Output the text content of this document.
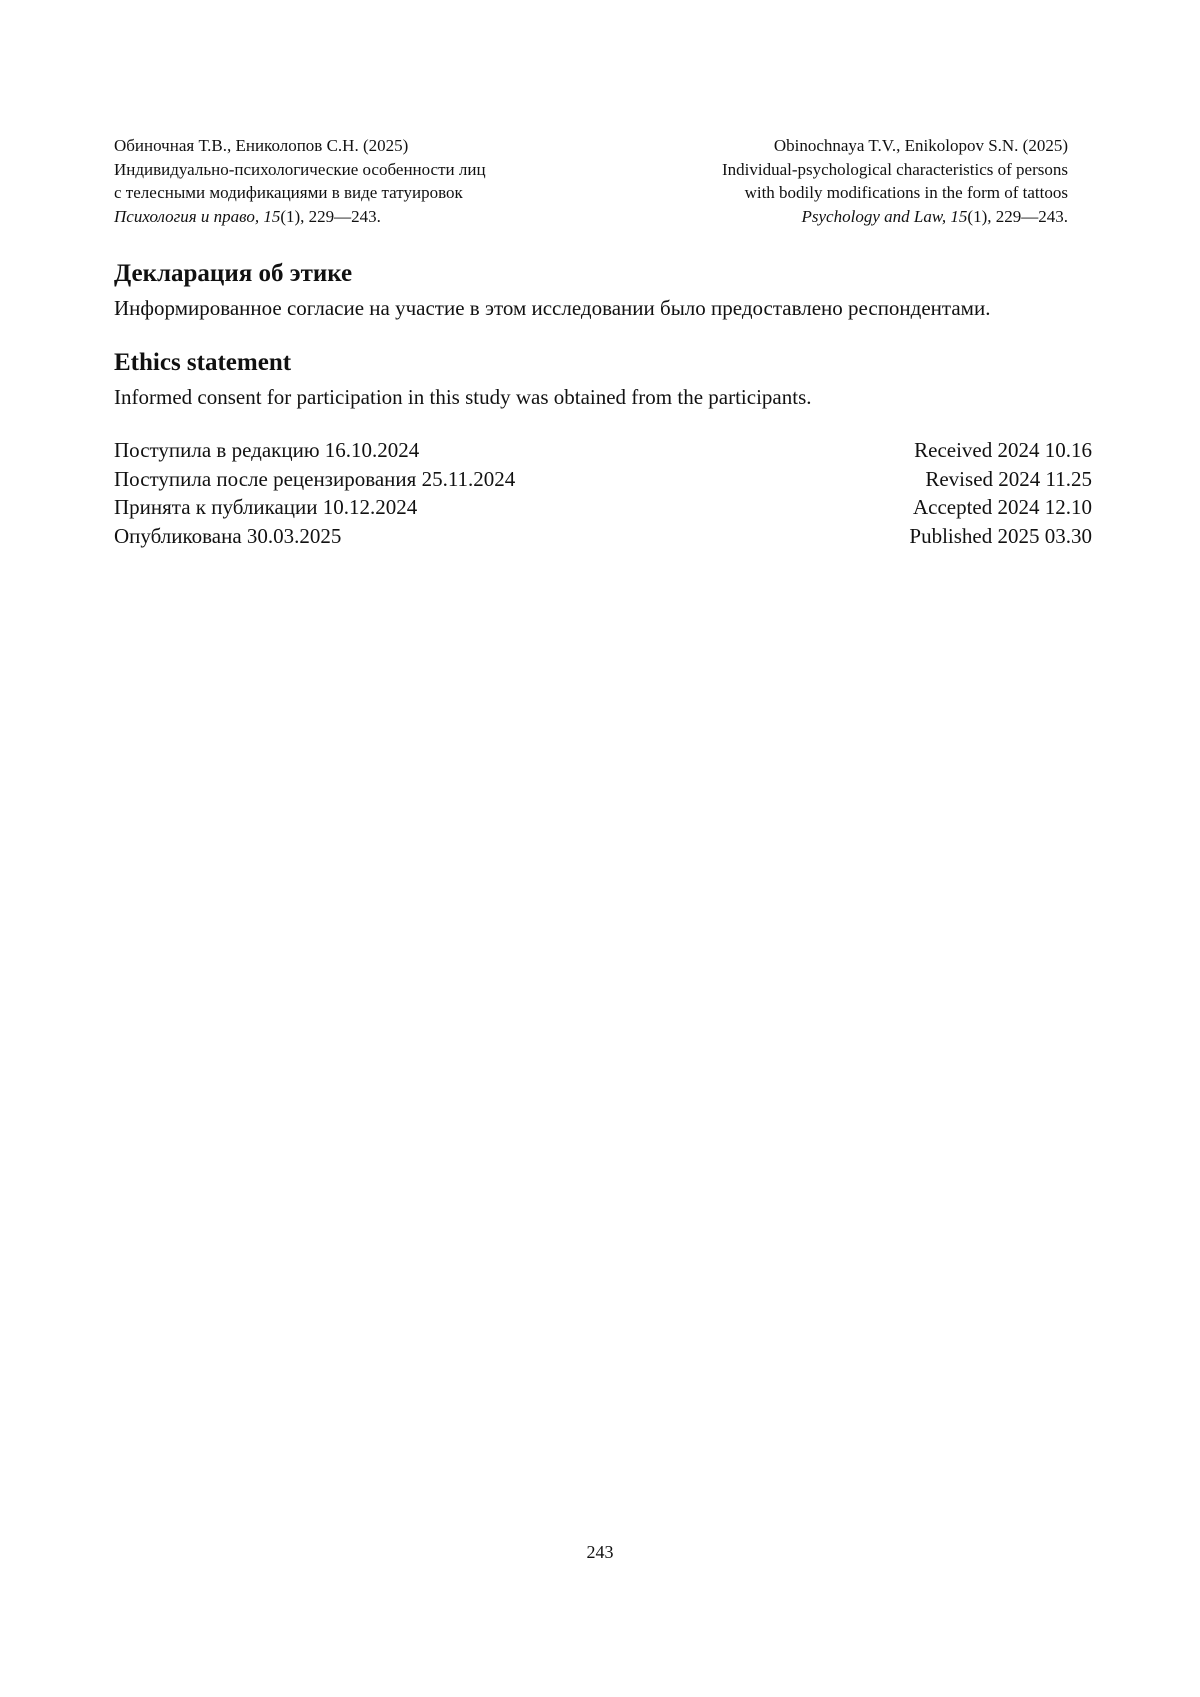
Обиночная Т.В., Ениколопов С.Н. (2025)
Индивидуально-психологические особенности лиц
с телесными модификациями в виде татуировок
Психология и право, 15(1), 229—243.
Obinochnaya T.V., Enikolopov S.N. (2025)
Individual-psychological characteristics of persons
with bodily modifications in the form of tattoos
Psychology and Law, 15(1), 229—243.
Декларация об этике

Информированное согласие на участие в этом исследовании было предоставлено респондентами.

Ethics statement

Informed consent for participation in this study was obtained from the participants.

Поступила в редакцию 16.10.2024	Received 2024 10.16
Поступила после рецензирования 25.11.2024	Revised 2024 11.25
Принята к публикации 10.12.2024	Accepted 2024 12.10
Опубликована 30.03.2025	Published 2025 03.30
243
